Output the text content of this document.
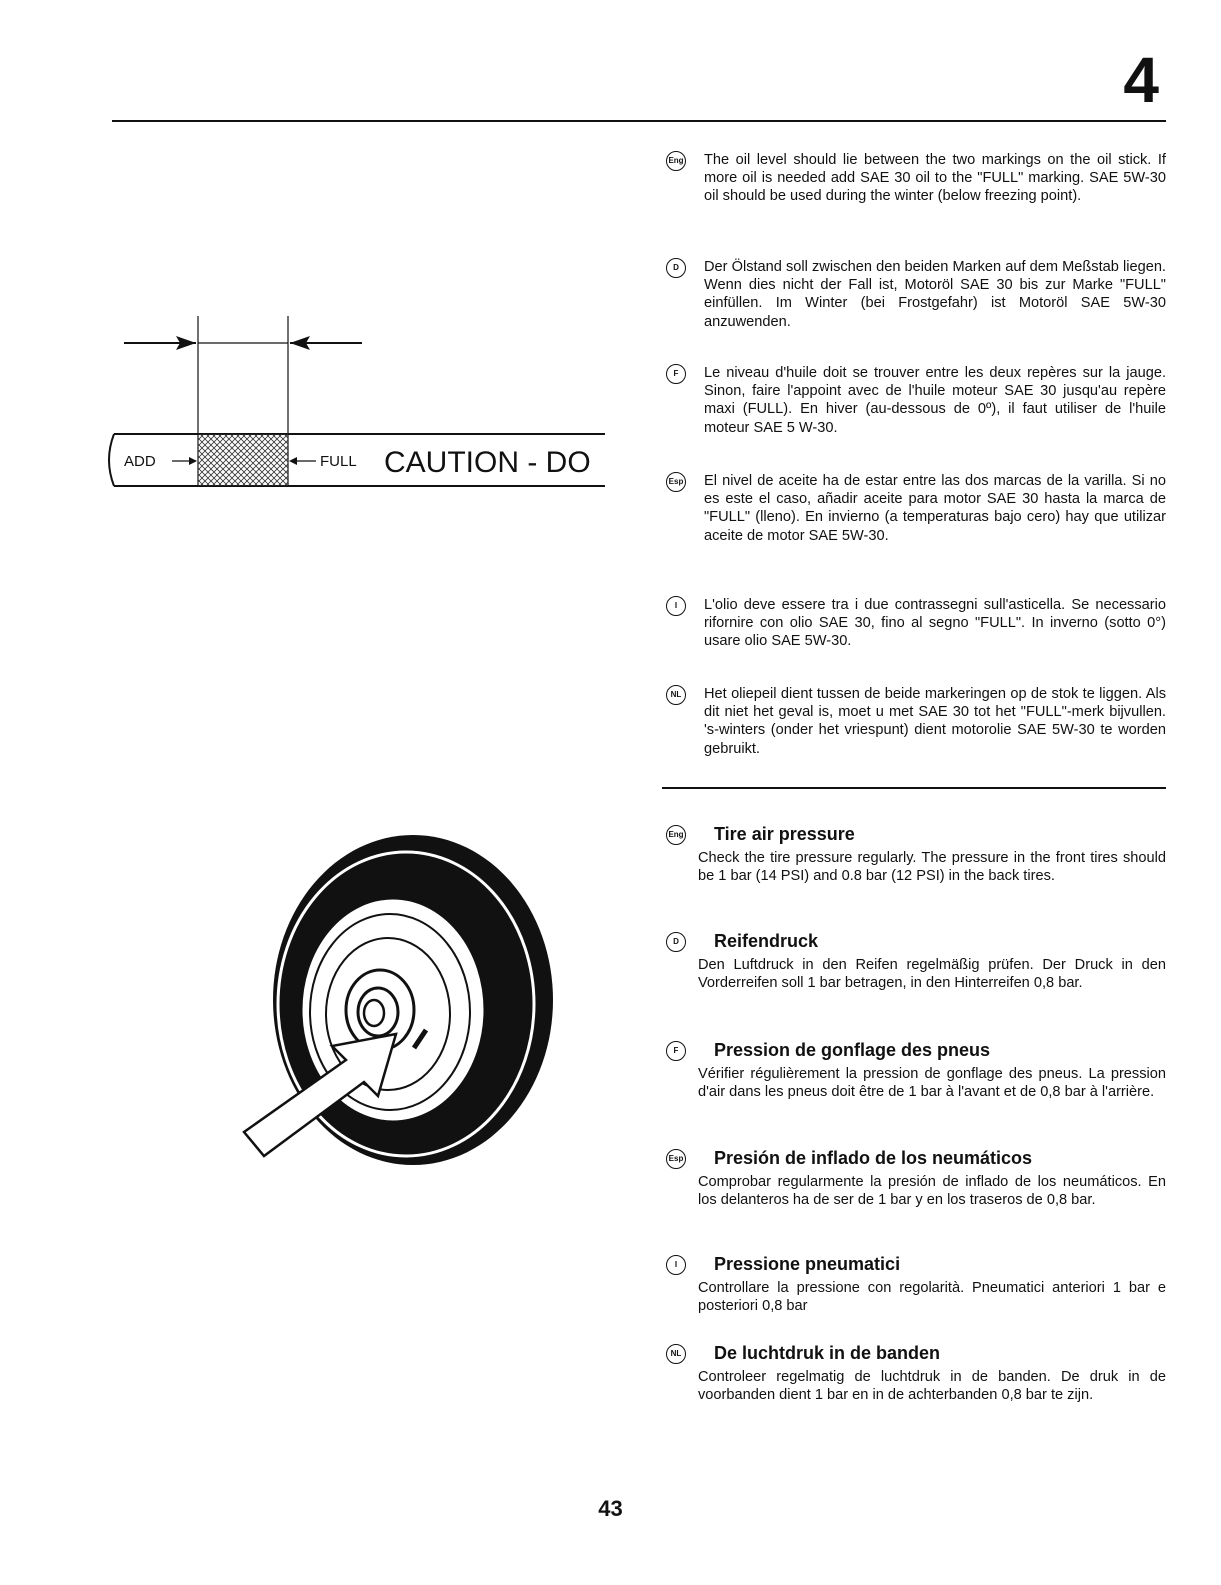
4
ADD	FULL CAUTION - DO
Eng The oil level should lie between the two markings on the oil stick. If more oil is needed add SAE 30 oil to the "FULL" marking. SAE 5W-30 oil should be used during the winter (below freezing point).
D	Der Ölstand soll zwischen den beiden Marken auf dem Meßstab liegen. Wenn dies nicht der Fall ist, Motoröl SAE 30 bis zur Marke "FULL" einfüllen. Im Winter (bei Frostgefahr) ist Motoröl SAE 5W-30 anzuwenden.
F	Le niveau d'huile doit se trouver entre les deux repères sur la jauge. Sinon, faire l'appoint avec de l'huile moteur SAE 30 jusqu'au repère maxi (FULL). En hiver (au-dessous de 0º), il faut utiliser de l'huile moteur SAE 5 W-30.
Esp El nivel de aceite ha de estar entre las dos marcas de la varilla. Si no es este el caso, añadir aceite para motor SAE 30 hasta la marca de "FULL" (lleno). En invierno (a temperaturas bajo cero) hay que utilizar aceite de motor SAE 5W-30.
I	L'olio deve essere tra i due contrassegni sull'asticella. Se necessario rifornire con olio SAE 30, fino al segno "FULL". In inverno (sotto 0°) usare olio SAE 5W-30.
NL	Het oliepeil dient tussen de beide markeringen op de stok te liggen. Als dit niet het geval is, moet u met SAE 30 tot het "FULL"-merk bijvullen. 's-winters (onder het vriespunt) dient motorolie SAE 5W-30 te worden gebruikt.
Eng Tire air pressure
Check the tire pressure regularly. The pressure in the front tires should be 1 bar (14 PSI) and 0.8 bar (12 PSI) in the back tires.
D	Reifendruck
Den Luftdruck in den Reifen regelmäßig prüfen. Der Druck in den Vorderreifen soll 1 bar betragen, in den Hinterreifen 0,8 bar.
F	Pression de gonflage des pneus
Vérifier régulièrement la pression de gonflage des pneus. La pression d'air dans les pneus doit être de 1 bar à l'avant et de 0,8 bar à l'arrière.
Esp Presión de inflado de los neumáticos
Comprobar regularmente la presión de inflado de los neumáticos. En los delanteros ha de ser de 1 bar y en los traseros de 0,8 bar.
I	Pressione pneumatici
Controllare la pressione con regolarità. Pneumatici anteriori 1 bar e posteriori 0,8 bar
NL De luchtdruk in de banden
Controleer regelmatig de luchtdruk in de banden. De druk in de voorbanden dient 1 bar en in de achterbanden 0,8 bar te zijn.
43
